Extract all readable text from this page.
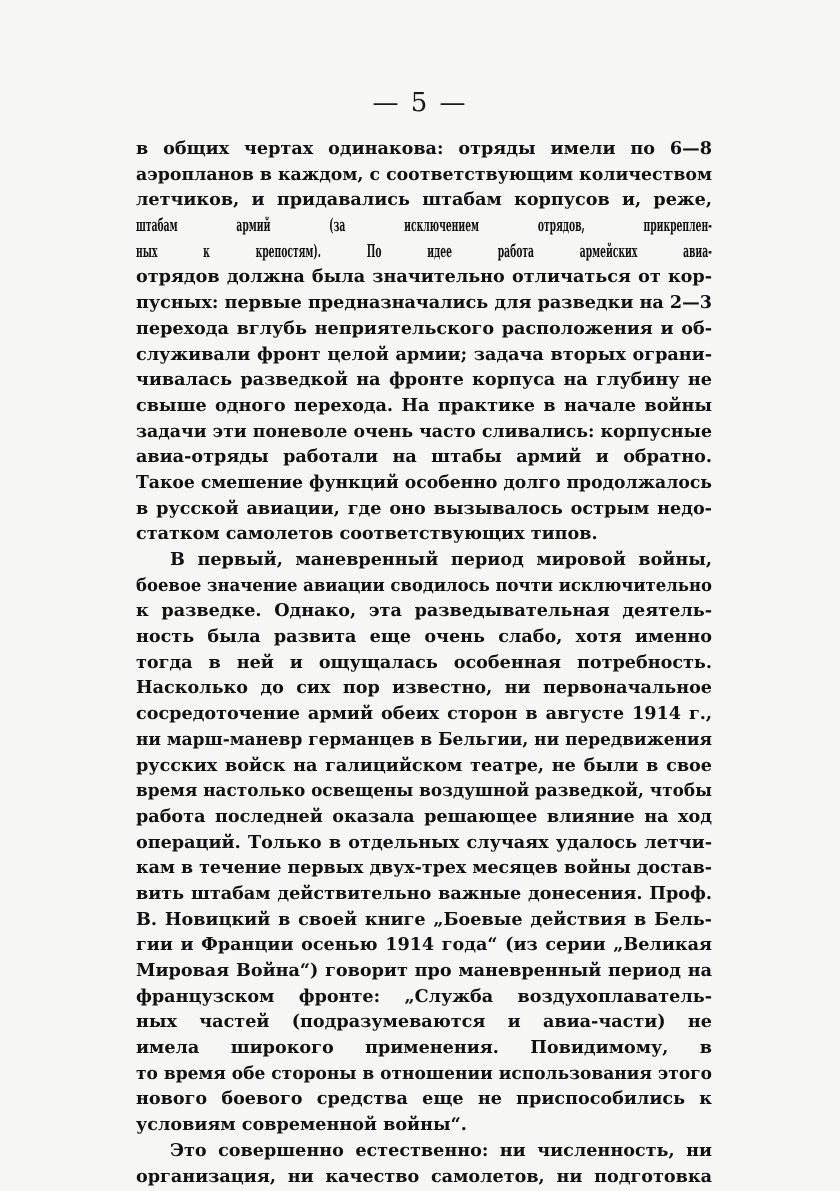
— 5 —
в общих чертах одинакова: отряды имели по 6—8
аэропланов в каждом, с соответствующим количеством
летчиков, и придавались штабам корпусов и, реже,
штабам армий (за исключением отрядов, прикреплен-
ных к крепостям). По идее работа армейских авиа-
отрядов должна была значительно отличаться от кор-
пусных: первые предназначались для разведки на 2—3
перехода вглубь неприятельского расположения и об-
служивали фронт целой армии; задача вторых ограни-
чивалась разведкой на фронте корпуса на глубину не
свыше одного перехода. На практике в начале войны
задачи эти поневоле очень часто сливались: корпусные
авиа-отряды работали на штабы армий и обратно.
Такое смешение функций особенно долго продолжалось
в русской авиации, где оно вызывалось острым недо-
статком самолетов соответствующих типов.
В первый, маневренный период мировой войны,
боевое значение авиации сводилось почти исключительно
к разведке. Однако, эта разведывательная деятель-
ность была развита еще очень слабо, хотя именно
тогда в ней и ощущалась особенная потребность.
Насколько до сих пор известно, ни первоначальное
сосредоточение армий обеих сторон в августе 1914 г.,
ни марш-маневр германцев в Бельгии, ни передвижения
русских войск на галицийском театре, не были в свое
время настолько освещены воздушной разведкой, чтобы
работа последней оказала решающее влияние на ход
операций. Только в отдельных случаях удалось летчи-
кам в течение первых двух-трех месяцев войны достав-
вить штабам действительно важные донесения. Проф.
В. Новицкий в своей книге „Боевые действия в Бель-
гии и Франции осенью 1914 года“ (из серии „Великая
Мировая Война“) говорит про маневренный период на
французском фронте: „Служба воздухоплаватель-
ных частей (подразумеваются и авиа-части) не
имела широкого применения. Повидимому, в
то время обе стороны в отношении использования этого
нового боевого средства еще не приспособились к
условиям современной войны“.
Это совершенно естественно: ни численность, ни
организация, ни качество самолетов, ни подготовка
